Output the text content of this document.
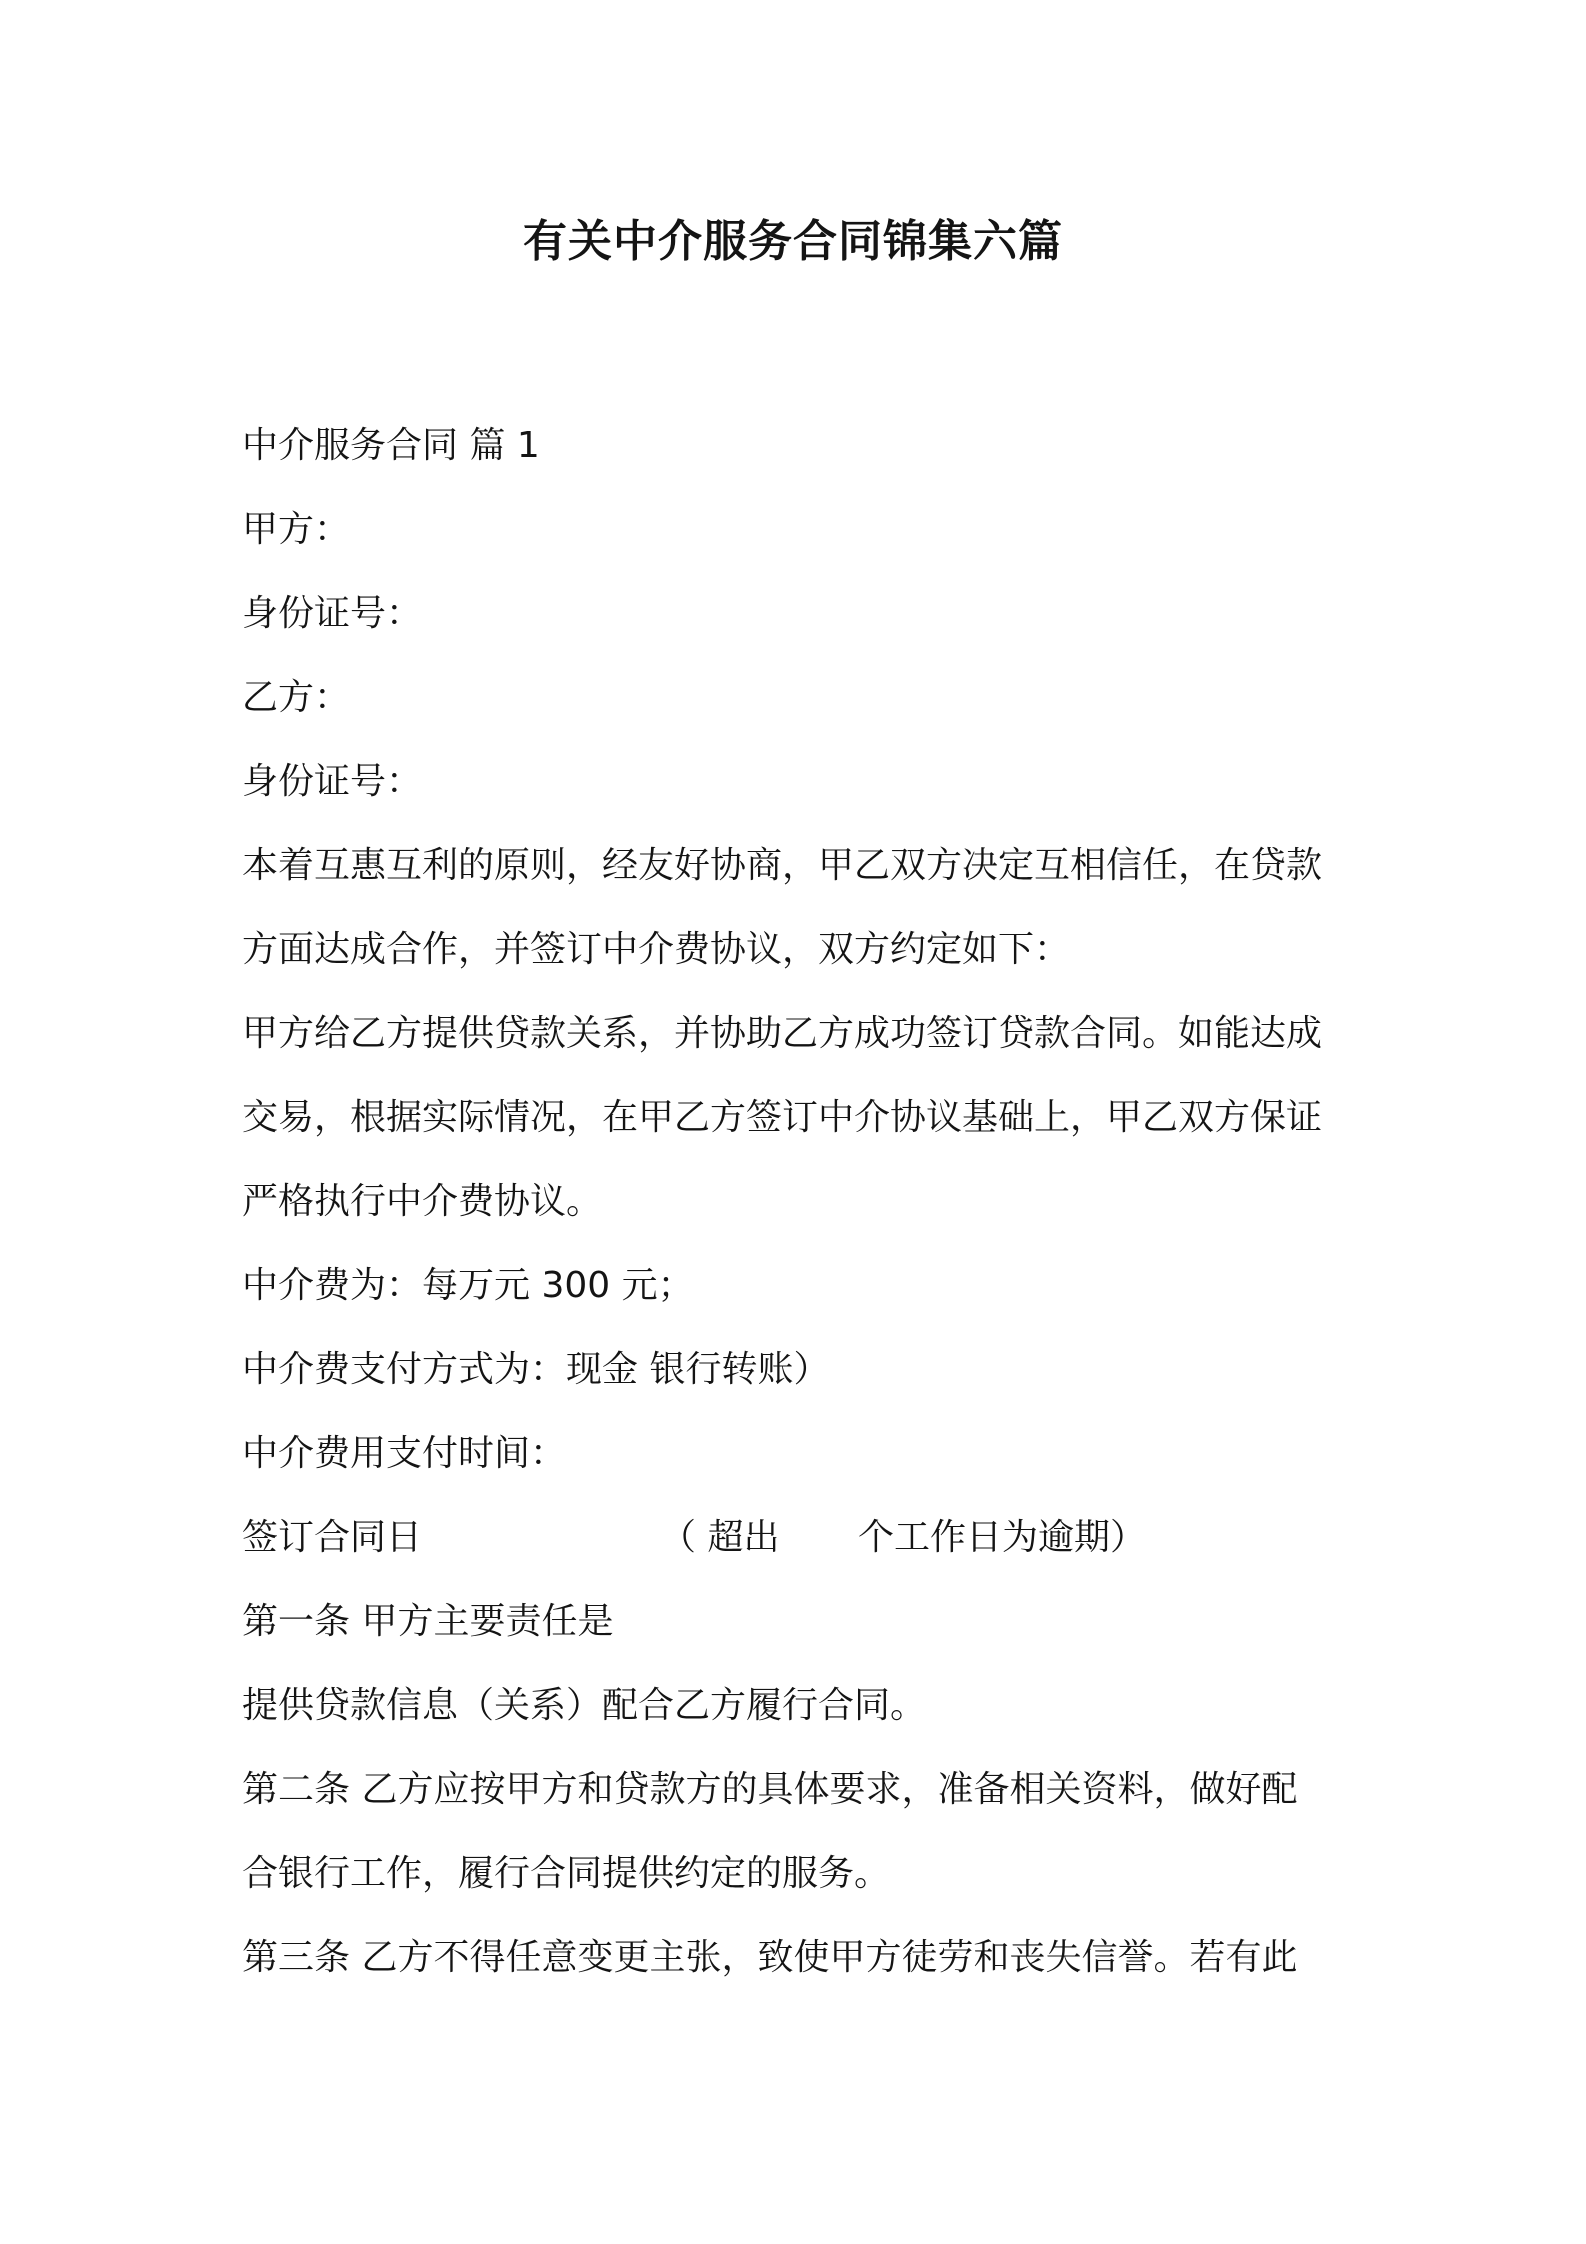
有关中介服务合同锦集六篇
中介服务合同 篇 1
甲方：
身份证号：
乙方：
身份证号：
本着互惠互利的原则，经友好协商，甲乙双方决定互相信任，在贷款
方面达成合作，并签订中介费协议，双方约定如下：
甲方给乙方提供贷款关系，并协助乙方成功签订贷款合同。如能达成
交易，根据实际情况，在甲乙方签订中介协议基础上，甲乙双方保证
严格执行中介费协议。
中介费为：每万元 300 元；
中介费支付方式为：现金 银行转账）
中介费用支付时间：
签订合同日	（ 超出 个工作日为逾期）
第一条 甲方主要责任是
提供贷款信息（关系）配合乙方履行合同。
第二条 乙方应按甲方和贷款方的具体要求，准备相关资料，做好配
合银行工作，履行合同提供约定的服务。
第三条 乙方不得任意变更主张，致使甲方徒劳和丧失信誉。若有此
